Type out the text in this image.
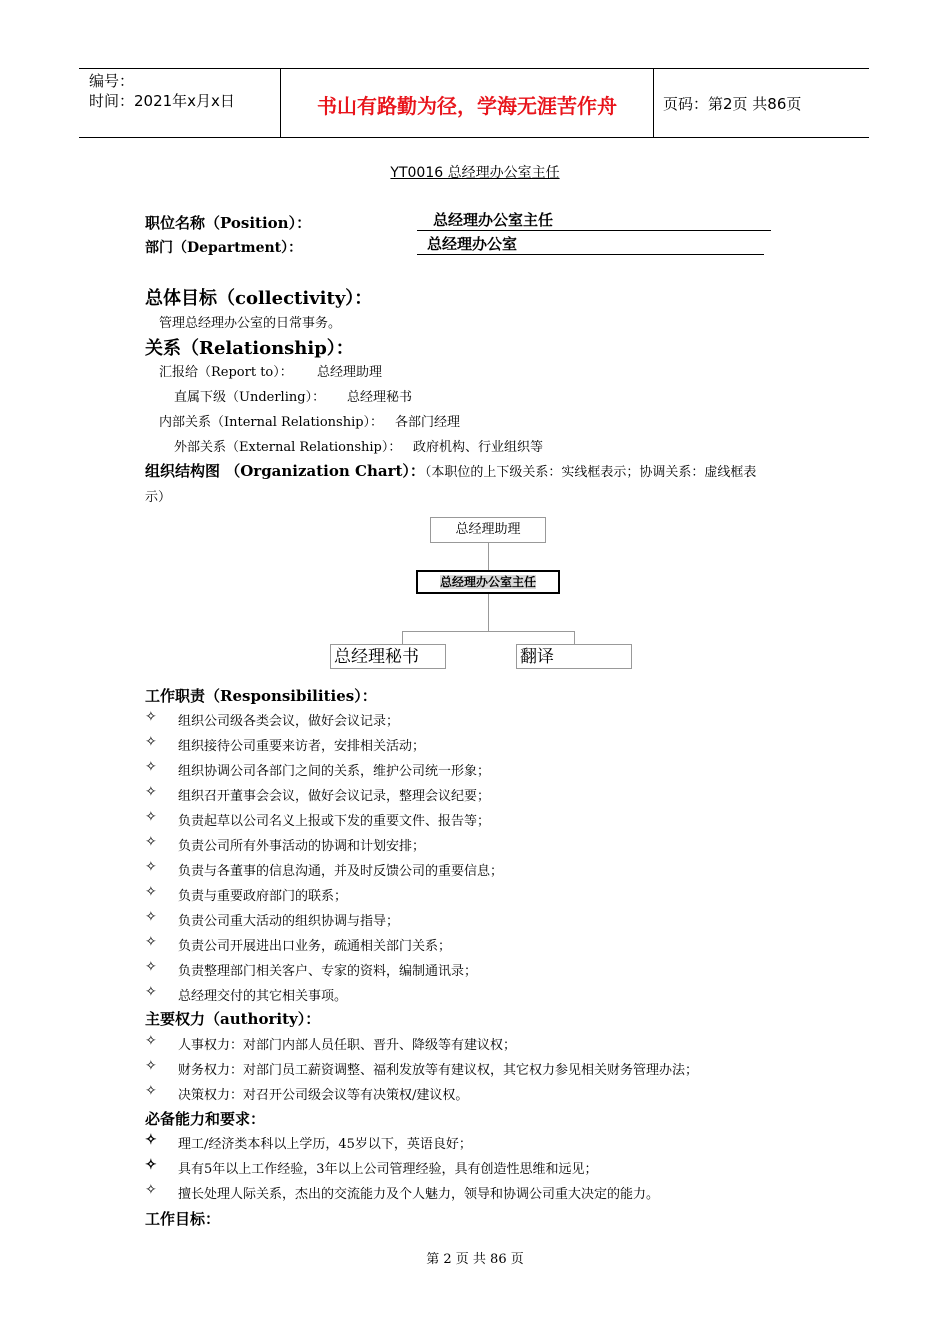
编号：
时间：2021年x月x日	书山有路勤为径，学海无涯苦作舟	页码：第2页 共86页
YT0016 总经理办公室主任
职位名称（Position）：	总经理办公室主任
部门（Department）：	总经理办公室
总体目标（collectivity）：
管理总经理办公室的日常事务。
关系（Relationship）：
汇报给（Report to）： 总经理助理
直属下级（Underling）： 总经理秘书
内部关系（Internal Relationship）： 各部门经理
外部关系（External Relationship）： 政府机构、行业组织等
组织结构图 （Organization Chart）：（本职位的上下级关系：实线框表示；协调关系：虚线框表
示）
总经理助理
总经理办公室主任
总经理秘书	翻译
工作职责（Responsibilities）：
✧ 组织公司级各类会议，做好会议记录；
✧ 组织接待公司重要来访者，安排相关活动；
✧ 组织协调公司各部门之间的关系，维护公司统一形象；
✧ 组织召开董事会会议，做好会议记录，整理会议纪要；
✧ 负责起草以公司名义上报或下发的重要文件、报告等；
✧ 负责公司所有外事活动的协调和计划安排；
✧ 负责与各董事的信息沟通，并及时反馈公司的重要信息；
✧ 负责与重要政府部门的联系；
✧ 负责公司重大活动的组织协调与指导；
✧ 负责公司开展进出口业务，疏通相关部门关系；
✧ 负责整理部门相关客户、专家的资料，编制通讯录；
✧ 总经理交付的其它相关事项。
主要权力（authority）：
✧ 人事权力：对部门内部人员任职、晋升、降级等有建议权；
✧ 财务权力：对部门员工薪资调整、福利发放等有建议权，其它权力参见相关财务管理办法；
✧ 决策权力：对召开公司级会议等有决策权/建议权。
必备能力和要求：
✧ 理工/经济类本科以上学历，45岁以下，英语良好；
✧ 具有5年以上工作经验，3年以上公司管理经验，具有创造性思维和远见；
✧ 擅长处理人际关系，杰出的交流能力及个人魅力，领导和协调公司重大决定的能力。
工作目标：
第 2 页 共 86 页
